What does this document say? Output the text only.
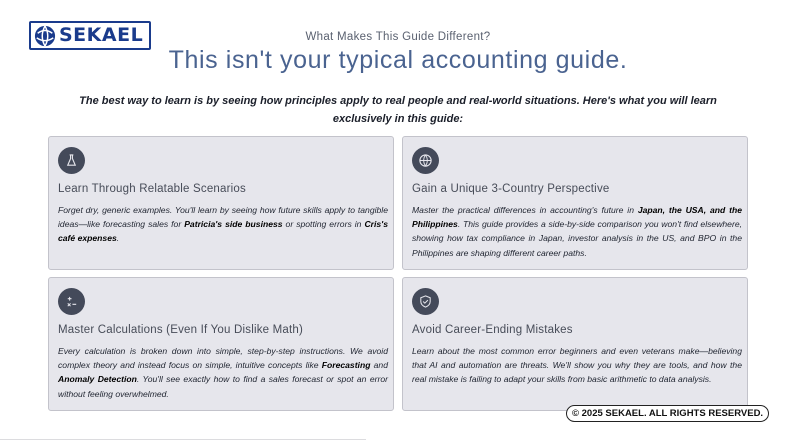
SEKAEL	What Makes This Guide Different?
This isn't your typical accounting guide.
The best way to learn is by seeing how principles apply to real people and real-world situations. Here's what you will learn exclusively in this guide:
Learn Through Relatable Scenarios
Forget dry, generic examples. You'll learn by seeing how future skills apply to tangible ideas—like forecasting sales for Patricia's side business or spotting errors in Cris's café expenses.
Gain a Unique 3-Country Perspective
Master the practical differences in accounting's future in Japan, the USA, and the Philippines. This guide provides a side-by-side comparison you won't find elsewhere, showing how tax compliance in Japan, investor analysis in the US, and BPO in the Philippines are shaping different career paths.
Master Calculations (Even If You Dislike Math)
Every calculation is broken down into simple, step-by-step instructions. We avoid complex theory and instead focus on simple, intuitive concepts like Forecasting and Anomaly Detection. You'll see exactly how to find a sales forecast or spot an error without feeling overwhelmed.
Avoid Career-Ending Mistakes
Learn about the most common error beginners and even veterans make—believing that AI and automation are threats. We'll show you why they are tools, and how the real mistake is failing to adapt your skills from basic arithmetic to data analysis.
© 2025 SEKAEL. ALL RIGHTS RESERVED.
